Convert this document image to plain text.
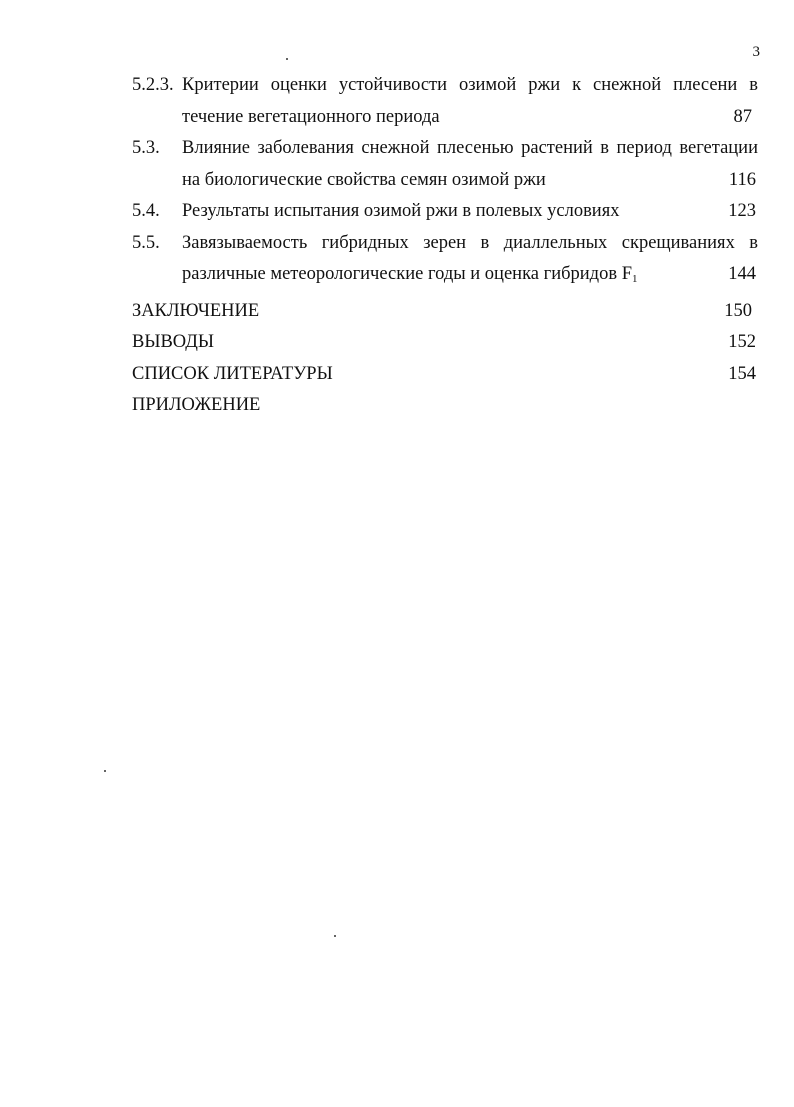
3
5.2.3. Критерии оценки устойчивости озимой ржи к снежной плесени в
течение вегетационного периода	87
5.3.	Влияние заболевания снежной плесенью растений в период вегетации
на биологические свойства семян озимой ржи	116
5.4.	Результаты испытания озимой ржи в полевых условиях	123
5.5.	Завязываемость гибридных зерен в диаллельных скрещиваниях в
различные метеорологические годы и оценка гибридов $F_1$	144
ЗАКЛЮЧЕНИЕ	150
ВЫВОДЫ	152
СПИСОК ЛИТЕРАТУРЫ	154
ПРИЛОЖЕНИЕ
